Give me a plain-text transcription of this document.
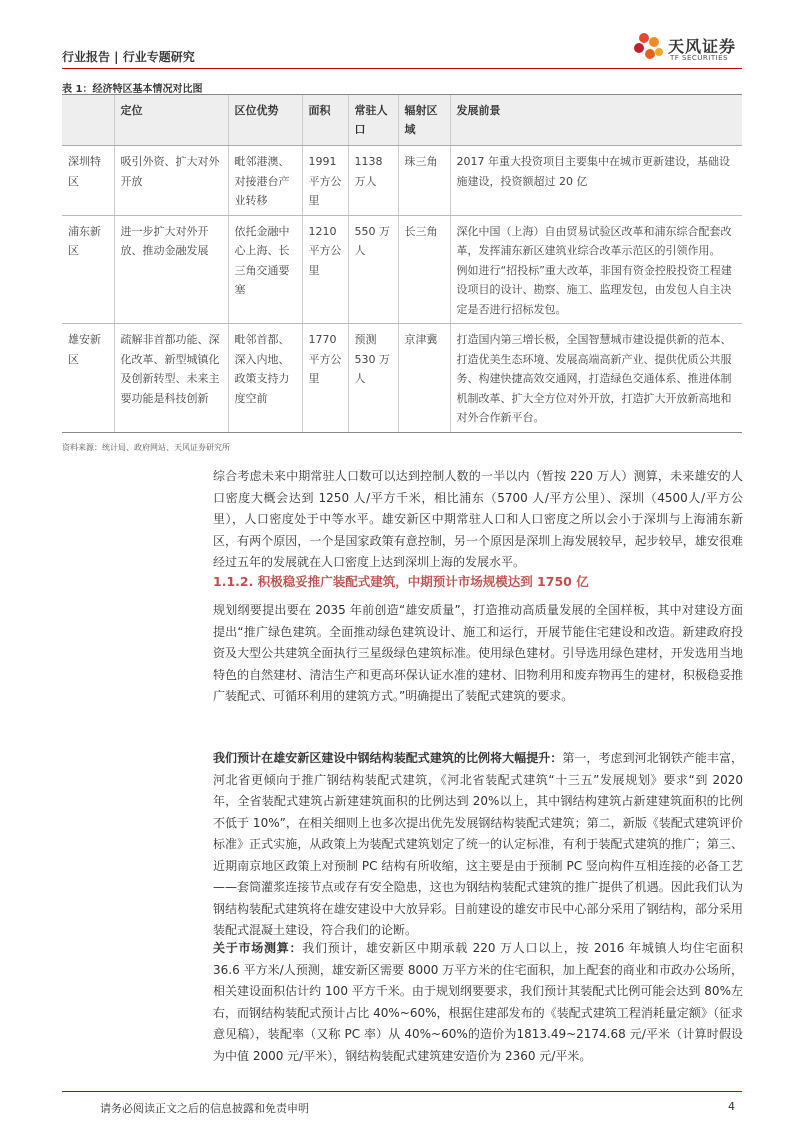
行业报告 | 行业专题研究
天风证券
TF SECURITIES
表 1：经济特区基本情况对比图
	定位	区位优势	面积	常驻人口	辐射区域	发展前景
深圳特区	吸引外资、扩大对外开放	毗邻港澳、对接港台产业转移	1991平方公里	1138万人	珠三角	2017 年重大投资项目主要集中在城市更新建设，基础设施建设，投资额超过 20 亿

浦东新区	进一步扩大对外开放、推动金融发展	依托金融中心上海、长三角交通要塞	1210平方公里	550 万人	长三角	深化中国（上海）自由贸易试验区改革和浦东综合配套改革，发挥浦东新区建筑业综合改革示范区的引领作用。

例如进行“招投标”重大改革，非国有资金控股投资工程建设项目的设计、勘察、施工、监理发包，由发包人自主决定是否进行招标发包。

雄安新区	疏解非首都功能、深化改革、新型城镇化及创新转型、未来主要功能是科技创新	毗邻首都、深入内地、政策支持力度空前	1770平方公里	预测530 万人	京津冀	打造国内第三增长极，全国智慧城市建设提供新的范本、打造优美生态环境、发展高端高新产业、提供优质公共服务、构建快捷高效交通网，打造绿色交通体系、推进体制机制改革、扩大全方位对外开放，打造扩大开放新高地和对外合作新平台。

资料来源：统计局、政府网站、天风证券研究所

综合考虑未来中期常驻人口数可以达到控制人数的一半以内（暂按 220 万人）测算，未来雄安的人口密度大概会达到 1250 人/平方千米，相比浦东（5700 人/平方公里）、深圳（4500人/平方公里），人口密度处于中等水平。雄安新区中期常驻人口和人口密度之所以会小于深圳与上海浦东新区，有两个原因，一个是国家政策有意控制，另一个原因是深圳上海发展较早，起步较早，雄安很难经过五年的发展就在人口密度上达到深圳上海的发展水平。

1.1.2. 积极稳妥推广装配式建筑，中期预计市场规模达到 1750 亿

规划纲要提出要在 2035 年前创造“雄安质量”，打造推动高质量发展的全国样板，其中对建设方面提出“推广绿色建筑。全面推动绿色建筑设计、施工和运行，开展节能住宅建设和改造。新建政府投资及大型公共建筑全面执行三星级绿色建筑标准。使用绿色建材。引导选用绿色建材，开发选用当地特色的自然建材、清洁生产和更高环保认证水准的建材、旧物利用和废弃物再生的建材，积极稳妥推广装配式、可循环利用的建筑方式。”明确提出了装配式建筑的要求。

我们预计在雄安新区建设中钢结构装配式建筑的比例将大幅提升：第一，考虑到河北钢铁产能丰富，河北省更倾向于推广钢结构装配式建筑，《河北省装配式建筑“十三五”发展规划》要求“到 2020 年，全省装配式建筑占新建建筑面积的比例达到 20%以上，其中钢结构建筑占新建建筑面积的比例不低于 10%”，在相关细则上也多次提出优先发展钢结构装配式建筑；第二，新版《装配式建筑评价标准》正式实施，从政策上为装配式建筑划定了统一的认定标准，有利于装配式建筑的推广；第三、近期南京地区政策上对预制 PC 结构有所收缩，这主要是由于预制 PC 竖向构件互相连接的必备工艺——套筒灌浆连接节点或存有安全隐患，这也为钢结构装配式建筑的推广提供了机遇。因此我们认为钢结构装配式建筑将在雄安建设中大放异彩。目前建设的雄安市民中心部分采用了钢结构，部分采用装配式混凝土建设，符合我们的论断。

关于市场测算：我们预计，雄安新区中期承载 220 万人口以上，按 2016 年城镇人均住宅面积 36.6 平方米/人预测，雄安新区需要 8000 万平方米的住宅面积，加上配套的商业和市政办公场所，相关建设面积估计约 100 平方千米。由于规划纲要要求，我们预计其装配式比例可能会达到 80%左右，而钢结构装配式预计占比 40%~60%，根据住建部发布的《装配式建筑工程消耗量定额》（征求意见稿），装配率（又称 PC 率）从 40%~60%的造价为1813.49~2174.68 元/平米（计算时假设为中值 2000 元/平米），钢结构装配式建筑建安造价为 2360 元/平米。

请务必阅读正文之后的信息披露和免责申明	4
